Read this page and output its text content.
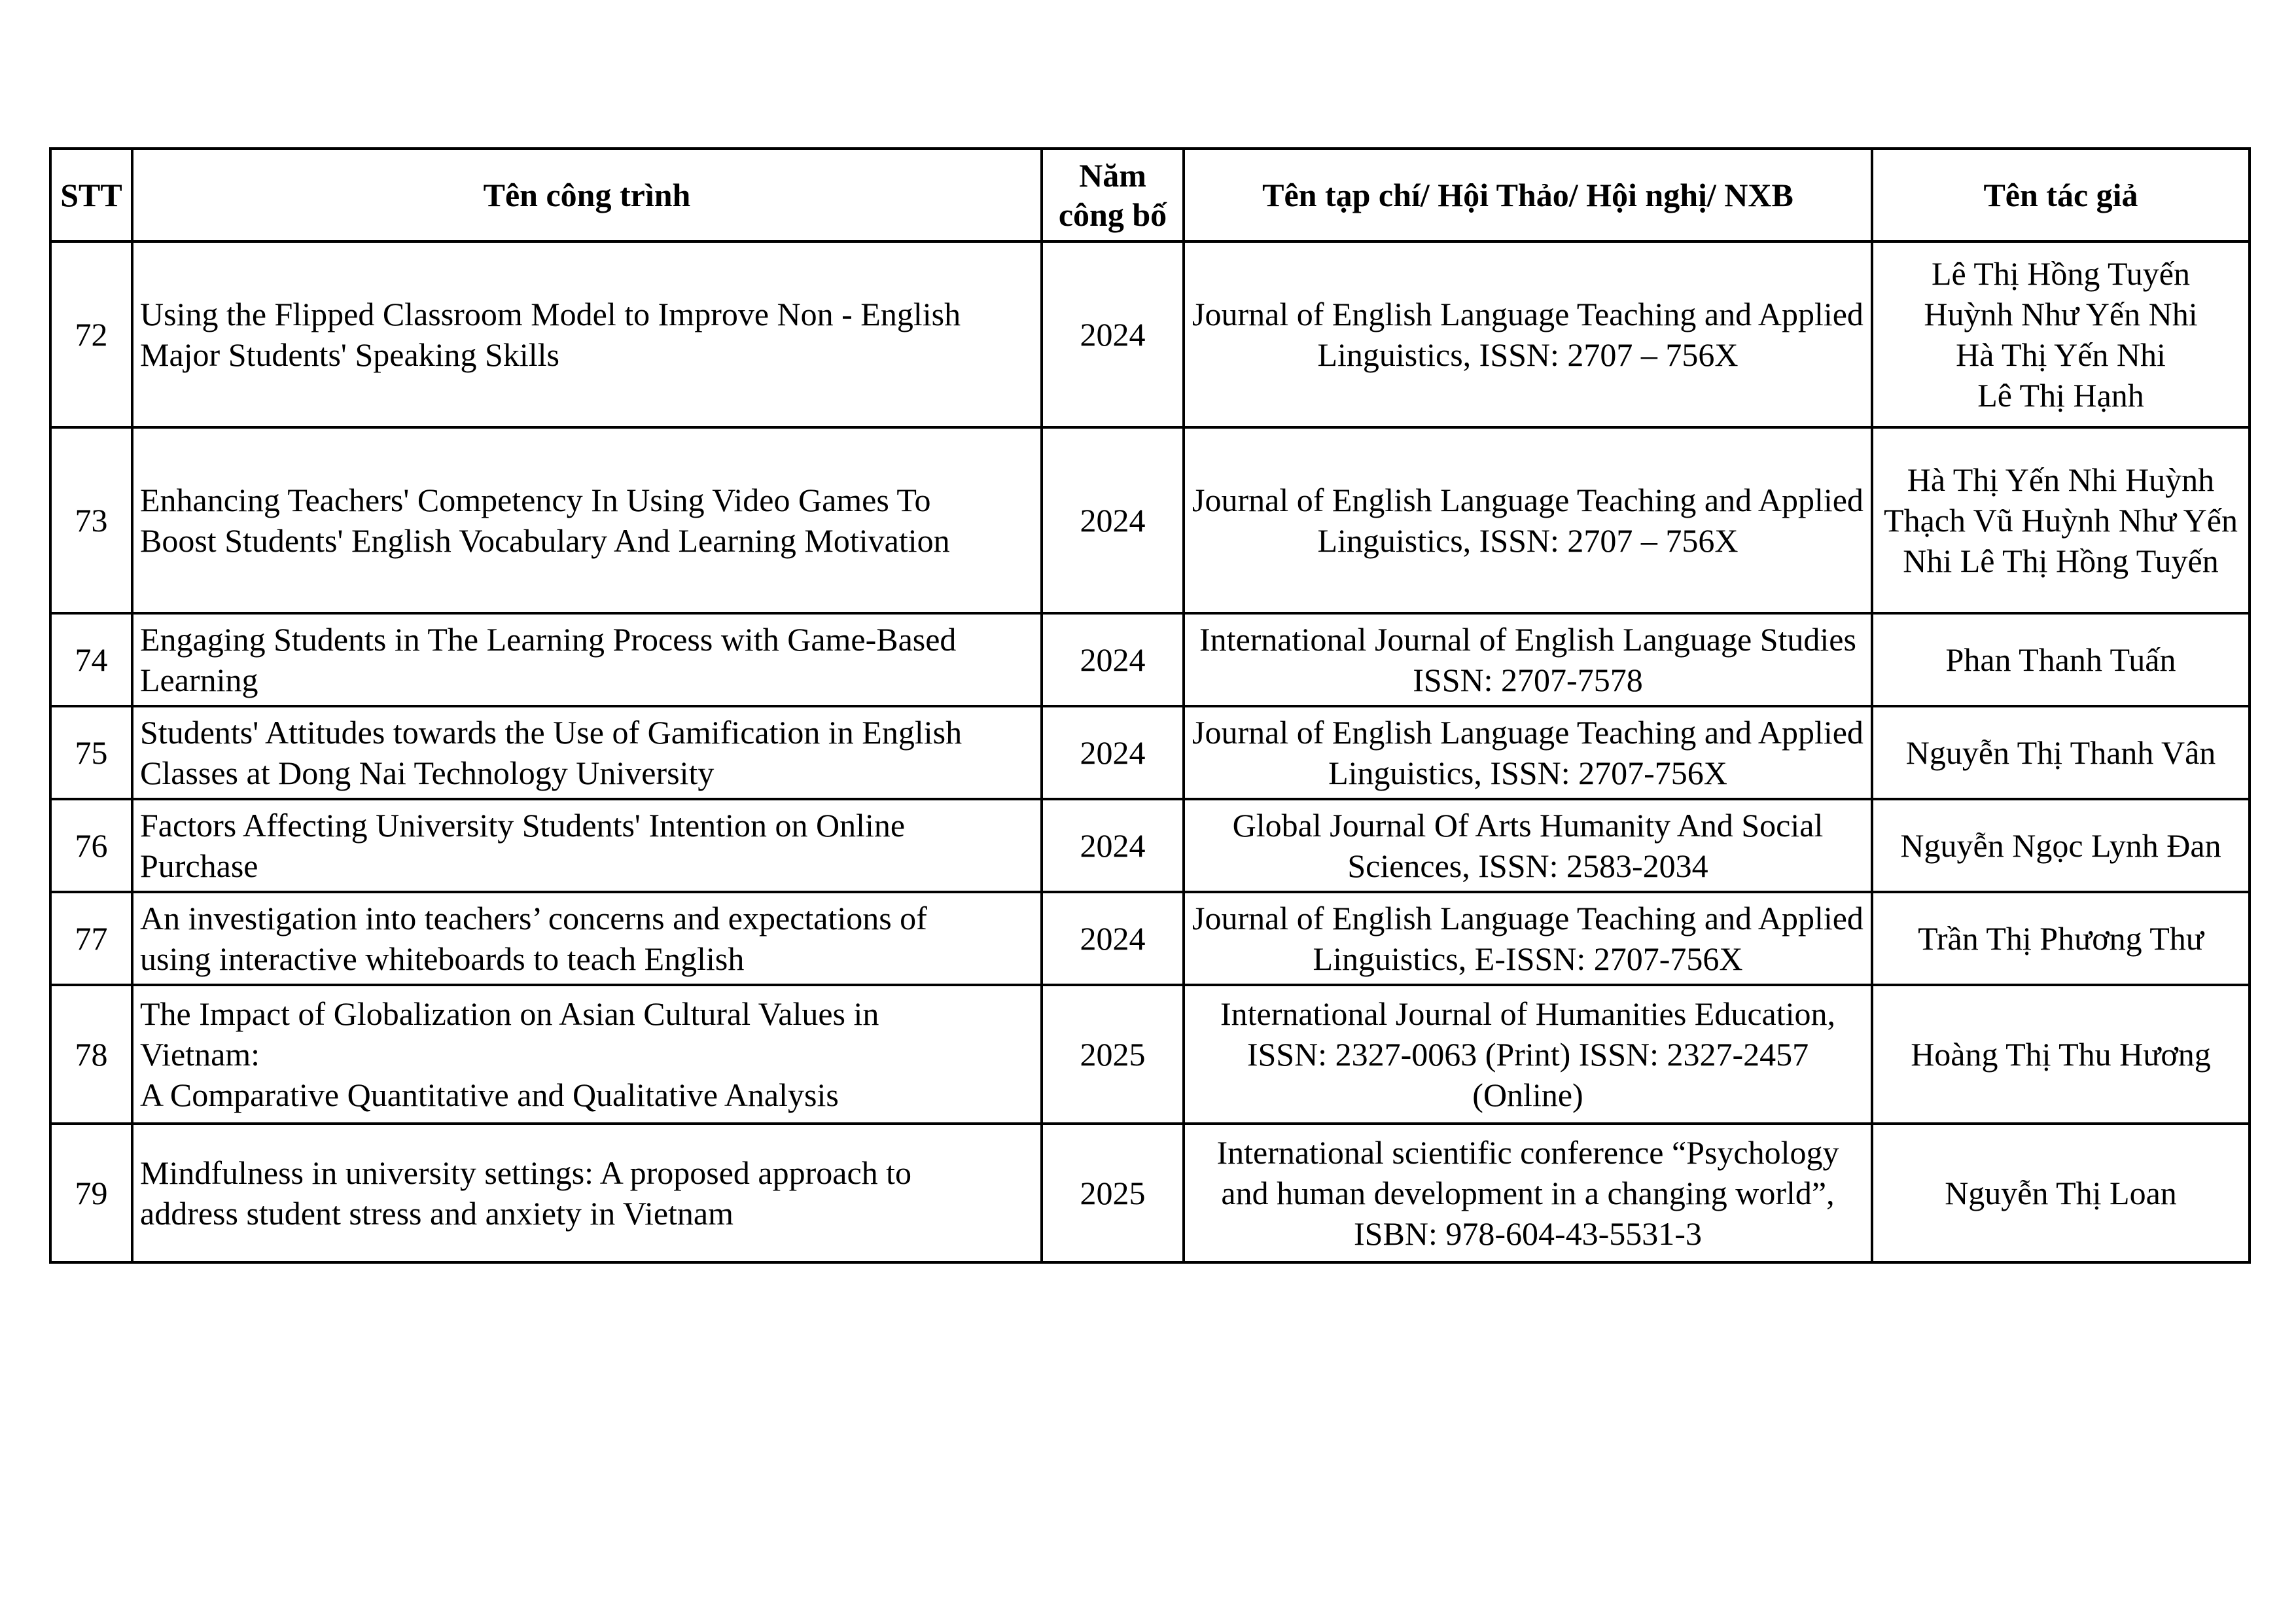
STT	Tên công trình	Năm
công bố	Tên tạp chí/ Hội Thảo/ Hội nghị/ NXB	Tên tác giả
72	Using the Flipped Classroom Model to Improve Non - English
Major Students' Speaking Skills	2024	Journal of English Language Teaching and Applied Linguistics, ISSN: 2707 – 756X	Lê Thị Hồng Tuyến
Huỳnh Như Yến Nhi
Hà Thị Yến Nhi
Lê Thị Hạnh

73	Enhancing Teachers' Competency In Using Video Games To
Boost Students' English Vocabulary And Learning Motivation	2024	Journal of English Language Teaching and Applied Linguistics, ISSN: 2707 – 756X	Hà Thị Yến Nhi Huỳnh Thạch Vũ Huỳnh Như Yến Nhi Lê Thị Hồng Tuyến

74	Engaging Students in The Learning Process with Game-Based
Learning	2024	International Journal of English Language Studies ISSN: 2707-7578	Phan Thanh Tuấn

75	Students' Attitudes towards the Use of Gamification in English
Classes at Dong Nai Technology University	2024	Journal of English Language Teaching and Applied Linguistics, ISSN: 2707-756X	Nguyễn Thị Thanh Vân

76	Factors Affecting University Students' Intention on Online
Purchase	2024	Global Journal Of Arts Humanity And Social Sciences, ISSN: 2583-2034	Nguyễn Ngọc Lynh Đan

77	An investigation into teachers’ concerns and expectations of
using interactive whiteboards to teach English	2024	Journal of English Language Teaching and Applied Linguistics, E-ISSN: 2707-756X	Trần Thị Phương Thư

78	The Impact of Globalization on Asian Cultural Values in
Vietnam:
A Comparative Quantitative and Qualitative Analysis	2025	International Journal of Humanities Education, ISSN: 2327-0063 (Print) ISSN: 2327-2457 (Online)	Hoàng Thị Thu Hương

79	Mindfulness in university settings: A proposed approach to
address student stress and anxiety in Vietnam	2025	International scientific conference “Psychology and human development in a changing world”, ISBN: 978-604-43-5531-3	Nguyễn Thị Loan
